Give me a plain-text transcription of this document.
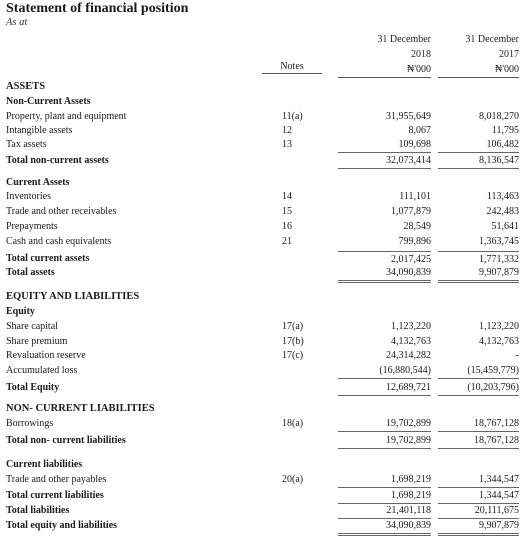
Statement of financial position
As at
Notes
31 December
2018
₦'000
31 December
2017
₦'000
ASSETS
Non-Current Assets
Property, plant and equipment	11(a)	31,955,649	8,018,270
Intangible assets	12	8,067	11,795
Tax assets	13	109,698	106,482
Total non-current assets	32,073,414	8,136,547
Current Assets
Inventories	14	111,101	113,463
Trade and other receivables	15	1,077,879	242,483
Prepayments	16	28,549	51,641
Cash and cash equivalents	21	799,896	1,363,745
Total current assets	2,017,425	1,771,332
Total assets	34,090,839	9,907,879
EQUITY AND LIABILITIES
Equity
Share capital	17(a)	1,123,220	1,123,220
Share premium	17(b)	4,132,763	4,132,763
Revaluation reserve	17(c)	24,314,282	-
Accumulated loss	(16,880,544)	(15,459,779)
Total Equity	12,689,721	(10,203,796)
NON- CURRENT LIABILITIES
Borrowings	18(a)	19,702,899	18,767,128
Total non- current liabilities	19,702,899	18,767,128
Current liabilities
Trade and other payables	20(a)	1,698,219	1,344,547
Total current liabilities	1,698,219	1,344,547
Total liabilities	21,401,118	20,111,675
Total equity and liabilities	34,090,839	9,907,879
